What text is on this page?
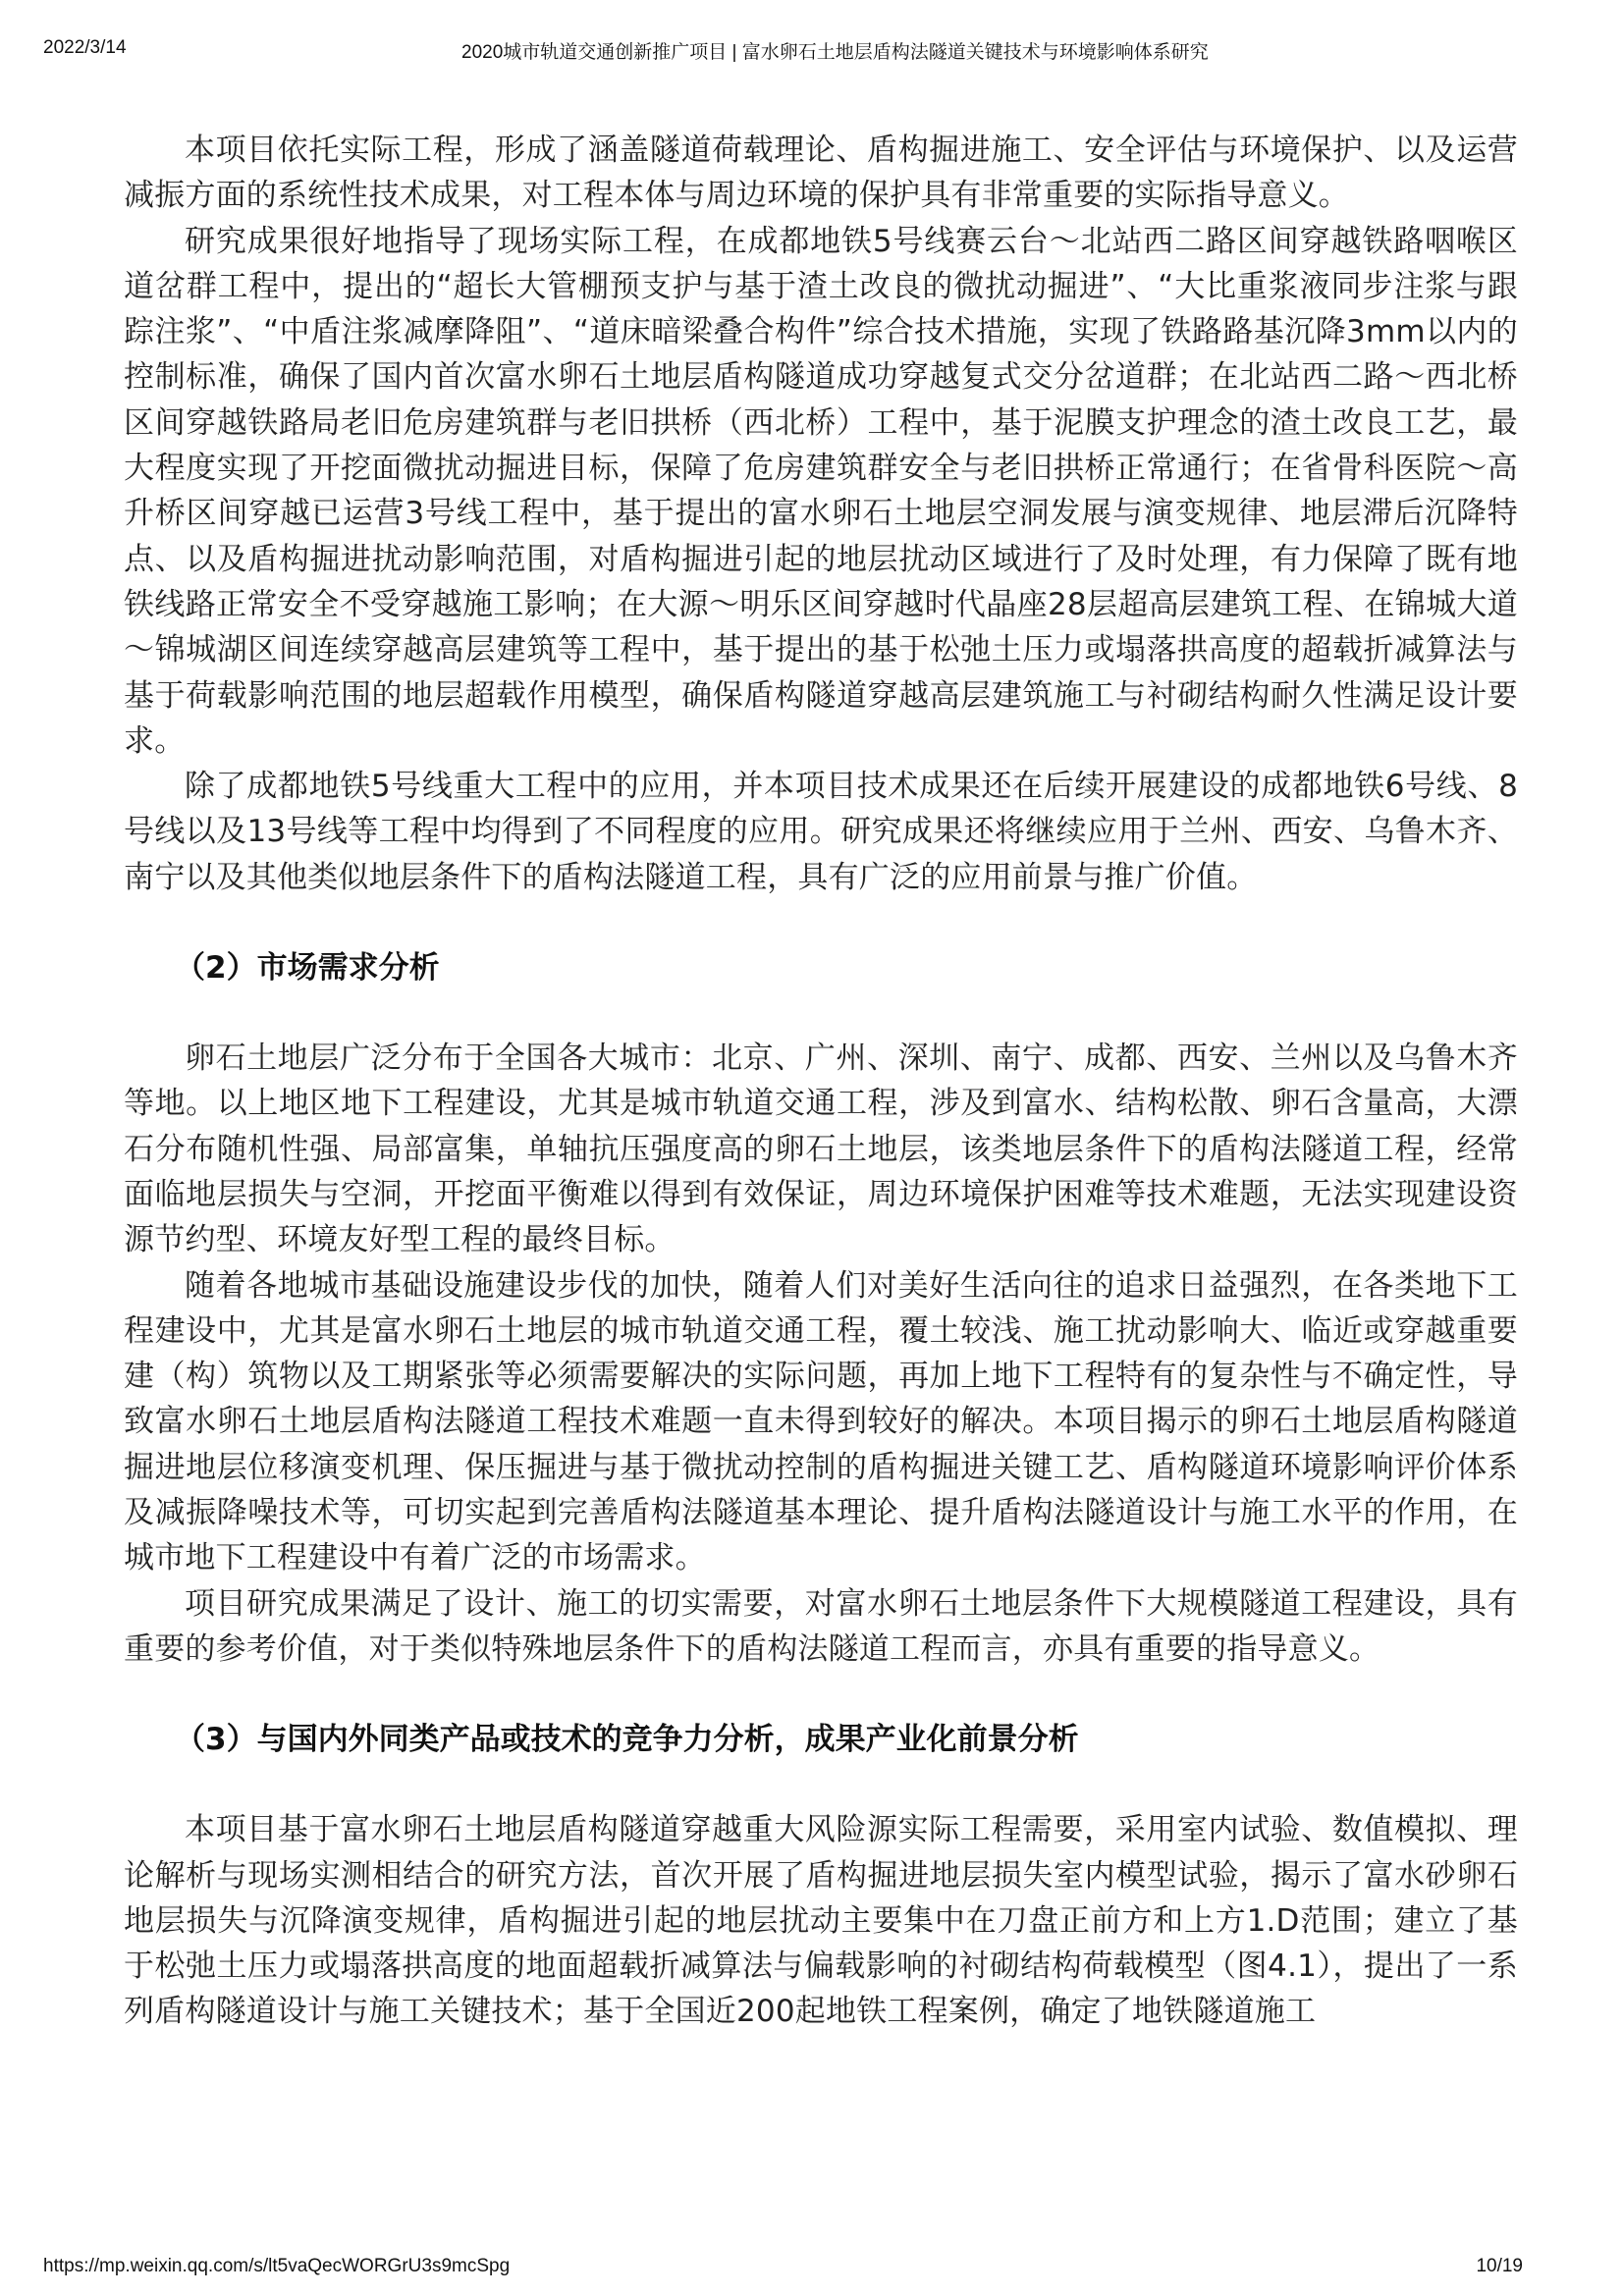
2022/3/14	2020城市轨道交通创新推广项目 | 富水卵石土地层盾构法隧道关键技术与环境影响体系研究

本项目依托实际工程，形成了涵盖隧道荷载理论、盾构掘进施工、安全评估与环境保护、以及运营减振方面的系统性技术成果，对工程本体与周边环境的保护具有非常重要的实际指导意义。

研究成果很好地指导了现场实际工程，在成都地铁5号线赛云台～北站西二路区间穿越铁路咽喉区道岔群工程中，提出的“超长大管棚预支护与基于渣土改良的微扰动掘进”、“大比重浆液同步注浆与跟踪注浆”、“中盾注浆减摩降阻”、“道床暗梁叠合构件”综合技术措施，实现了铁路路基沉降3mm以内的控制标准，确保了国内首次富水卵石土地层盾构隧道成功穿越复式交分岔道群；在北站西二路～西北桥区间穿越铁路局老旧危房建筑群与老旧拱桥（西北桥）工程中，基于泥膜支护理念的渣土改良工艺，最大程度实现了开挖面微扰动掘进目标，保障了危房建筑群安全与老旧拱桥正常通行；在省骨科医院～高升桥区间穿越已运营3号线工程中，基于提出的富水卵石土地层空洞发展与演变规律、地层滞后沉降特点、以及盾构掘进扰动影响范围，对盾构掘进引起的地层扰动区域进行了及时处理，有力保障了既有地铁线路正常安全不受穿越施工影响；在大源～明乐区间穿越时代晶座28层超高层建筑工程、在锦城大道～锦城湖区间连续穿越高层建筑等工程中，基于提出的基于松弛土压力或塌落拱高度的超载折减算法与基于荷载影响范围的地层超载作用模型，确保盾构隧道穿越高层建筑施工与衬砌结构耐久性满足设计要求。

除了成都地铁5号线重大工程中的应用，并本项目技术成果还在后续开展建设的成都地铁6号线、8号线以及13号线等工程中均得到了不同程度的应用。研究成果还将继续应用于兰州、西安、乌鲁木齐、南宁以及其他类似地层条件下的盾构法隧道工程，具有广泛的应用前景与推广价值。

（2）市场需求分析

卵石土地层广泛分布于全国各大城市：北京、广州、深圳、南宁、成都、西安、兰州以及乌鲁木齐等地。以上地区地下工程建设，尤其是城市轨道交通工程，涉及到富水、结构松散、卵石含量高，大漂石分布随机性强、局部富集，单轴抗压强度高的卵石土地层，该类地层条件下的盾构法隧道工程，经常面临地层损失与空洞，开挖面平衡难以得到有效保证，周边环境保护困难等技术难题，无法实现建设资源节约型、环境友好型工程的最终目标。

随着各地城市基础设施建设步伐的加快，随着人们对美好生活向往的追求日益强烈，在各类地下工程建设中，尤其是富水卵石土地层的城市轨道交通工程，覆土较浅、施工扰动影响大、临近或穿越重要建（构）筑物以及工期紧张等必须需要解决的实际问题，再加上地下工程特有的复杂性与不确定性，导致富水卵石土地层盾构法隧道工程技术难题一直未得到较好的解决。本项目揭示的卵石土地层盾构隧道掘进地层位移演变机理、保压掘进与基于微扰动控制的盾构掘进关键工艺、盾构隧道环境影响评价体系及减振降噪技术等，可切实起到完善盾构法隧道基本理论、提升盾构法隧道设计与施工水平的作用，在城市地下工程建设中有着广泛的市场需求。

项目研究成果满足了设计、施工的切实需要，对富水卵石土地层条件下大规模隧道工程建设，具有重要的参考价值，对于类似特殊地层条件下的盾构法隧道工程而言，亦具有重要的指导意义。

（3）与国内外同类产品或技术的竞争力分析，成果产业化前景分析

本项目基于富水卵石土地层盾构隧道穿越重大风险源实际工程需要，采用室内试验、数值模拟、理论解析与现场实测相结合的研究方法，首次开展了盾构掘进地层损失室内模型试验，揭示了富水砂卵石地层损失与沉降演变规律，盾构掘进引起的地层扰动主要集中在刀盘正前方和上方1.D范围；建立了基于松弛土压力或塌落拱高度的地面超载折减算法与偏载影响的衬砌结构荷载模型（图4.1），提出了一系列盾构隧道设计与施工关键技术；基于全国近200起地铁工程案例，确定了地铁隧道施工

https://mp.weixin.qq.com/s/lt5vaQecWORGrU3s9mcSpg	10/19
